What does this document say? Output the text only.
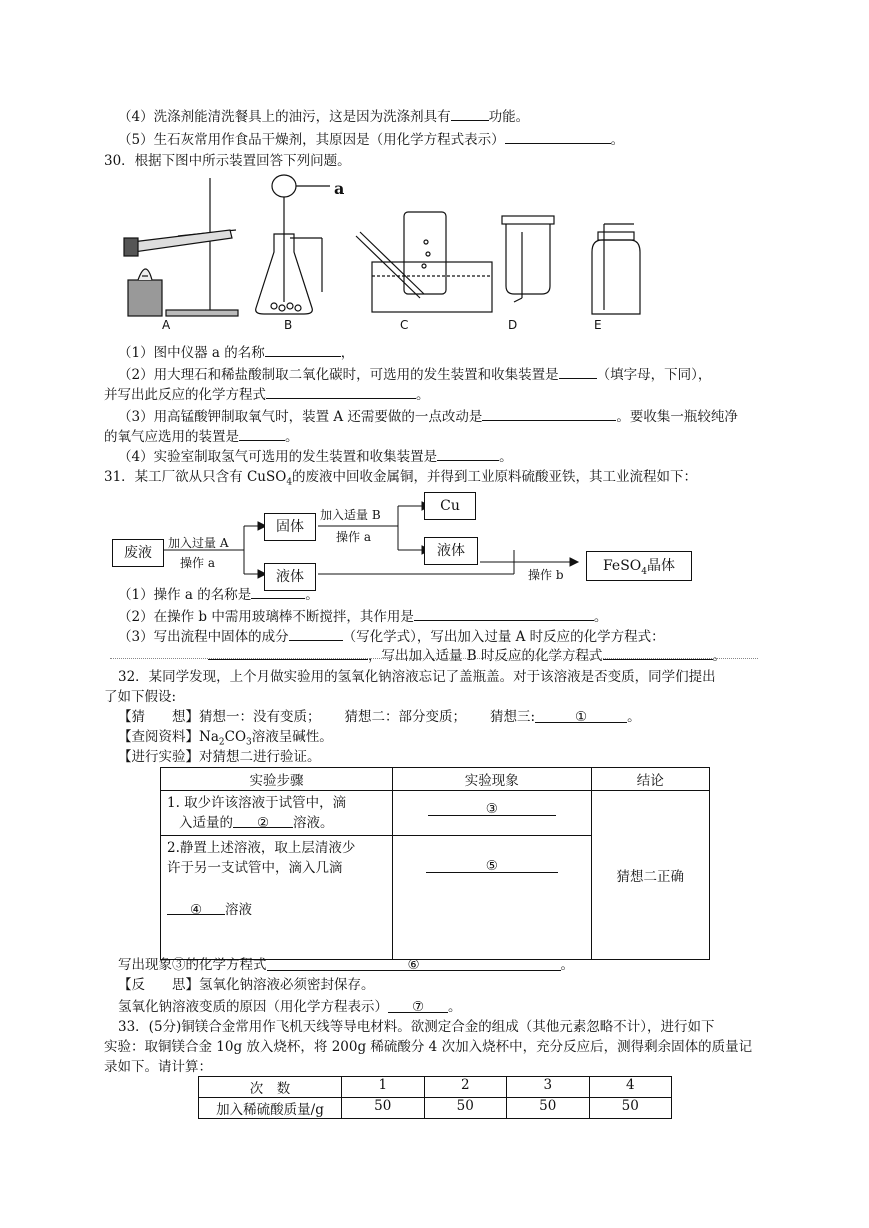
（4）洗涤剂能清洗餐具上的油污，这是因为洗涤剂具有	功能。
（5）生石灰常用作食品干燥剂，其原因是（用化学方程式表示）	。
30．根据下图中所示装置回答下列问题。
a
A	B	C	D	E
（1）图中仪器 a 的名称	，
（2）用大理石和稀盐酸制取二氧化碳时，可选用的发生装置和收集装置是	（填字母，下同），
并写出此反应的化学方程式	。
（3）用高锰酸钾制取氧气时，装置 A 还需要做的一点改动是	。要收集一瓶较纯净
的氧气应选用的装置是	。
（4）实验室制取氢气可选用的发生装置和收集装置是	。
31．某工厂欲从只含有 CuSO$_4$的废液中回收金属铜，并得到工业原料硫酸亚铁，其工业流程如下：
废液
加入过量 A
操作 a
固体
加入适量 B
操作 a
Cu
液体
液体	操作 b
FeSO$_4$晶体
（1）操作 a 的名称是	。
（2）在操作 b 中需用玻璃棒不断搅拌，其作用是	。
（3）写出流程中固体的成分	（写化学式），写出加入过量 A 时反应的化学方程式：
，写出加入适量 B 时反应的化学方程式	。
32．某同学发现，上个月做实验用的氢氧化钠溶液忘记了盖瓶盖。对于该溶液是否变质，同学们提出
了如下假设:
【猜　　想】猜想一：没有变质； 猜想二：部分变质； 猜想三:	①	。
【查阅资料】$Na_2CO_3$溶液呈碱性。
【进行实验】对猜想二进行验证。
实验步骤	实验现象	结论

1. 取少许该溶液于试管中，滴
入适量的 ② 溶液。	③	猜想二正确

2.静置上述溶液，取上层清液少
许于另一支试管中，滴入几滴
④ 溶液	⑤	
写出现象③的化学方程式	⑥	。
【反　　思】氢氧化钠溶液必须密封保存。
氢氧化钠溶液变质的原因（用化学方程表示） ⑦ 。
33．(5分)铜镁合金常用作飞机天线等导电材料。欲测定合金的组成（其他元素忽略不计），进行如下
实验：取铜镁合金 10g 放入烧杯，将 200g 稀硫酸分 4 次加入烧杯中，充分反应后，测得剩余固体的质量记
录如下。请计算：
次　数	1	2	3	4
加入稀硫酸质量/g	50	50	50	50
